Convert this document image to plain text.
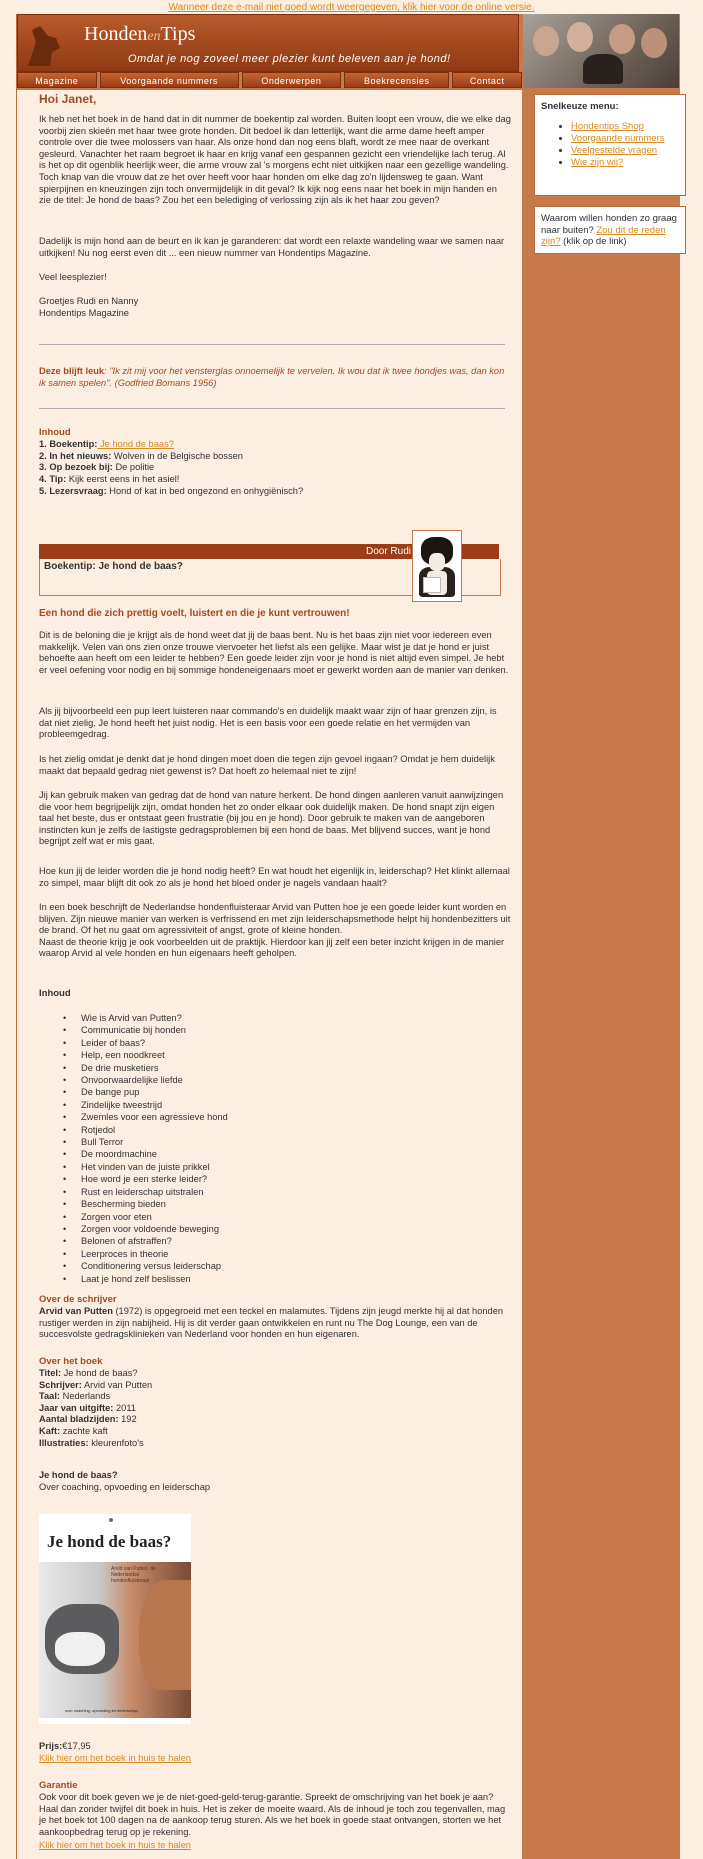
Wanneer deze e-mail niet goed wordt weergegeven, klik hier voor de online versie.
HondenenTips
Omdat je nog zoveel meer plezier kunt beleven aan je hond!
Magazine	Voorgaande nummers	Onderwerpen	Boekrecensies	Contact
Hoi Janet,
Ik heb net het boek in de hand dat in dit nummer de boekentip zal worden. Buiten loopt een vrouw, die we elke dag voorbij zien skieën met haar twee grote honden. Dit bedoel ik dan letterlijk, want die arme dame heeft amper controle over die twee molossers van haar. Als onze hond dan nog eens blaft, wordt ze mee naar de overkant gesleurd. Vanachter het raam begroet ik haar en krijg vanaf een gespannen gezicht een vriendelijke lach terug. Al is het op dit ogenblik heerlijk weer, die arme vrouw zal 's morgens echt niet uitkijken naar een gezellige wandeling. Toch knap van die vrouw dat ze het over heeft voor haar honden om elke dag zo'n lijdensweg te gaan. Want spierpijnen en kneuzingen zijn toch onvermijdelijk in dit geval? Ik kijk nog eens naar het boek in mijn handen en zie de titel: Je hond de baas? Zou het een belediging of verlossing zijn als ik het haar zou geven?
Dadelijk is mijn hond aan de beurt en ik kan je garanderen: dat wordt een relaxte wandeling waar we samen naar uitkijken! Nu nog eerst even dit ... een nieuw nummer van Hondentips Magazine.
Veel leesplezier!
Groetjes Rudi en Nanny
Hondentips Magazine
Deze blijft leuk: "Ik zit mij voor het vensterglas onnoemelijk te vervelen. Ik wou dat ik twee hondjes was, dan kon ik samen spelen". (Godfried Bomans 1956)
Inhoud
1. Boekentip: Je hond de baas?
2. In het nieuws: Wolven in de Belgische bossen
3. Op bezoek bij: De politie
4. Tip: Kijk eerst eens in het asiel!
5. Lezersvraag: Hond of kat in bed ongezond en onhygiënisch?
Door Rudi
Boekentip: Je hond de baas?
Een hond die zich prettig voelt, luistert en die je kunt vertrouwen!
Dit is de beloning die je krijgt als de hond weet dat jij de baas bent. Nu is het baas zijn niet voor iedereen even makkelijk. Velen van ons zien onze trouwe viervoeter het liefst als een gelijke. Maar wist je dat je hond er juist behoefte aan heeft om een leider te hebben? Een goede leider zijn voor je hond is niet altijd even simpel. Je hebt er veel oefening voor nodig en bij sommige hondeneigenaars moet er gewerkt worden aan de manier van denken.
Als jij bijvoorbeeld een pup leert luisteren naar commando's en duidelijk maakt waar zijn of haar grenzen zijn, is dat niet zielig. Je hond heeft het juist nodig. Het is een basis voor een goede relatie en het vermijden van probleemgedrag.
Is het zielig omdat je denkt dat je hond dingen moet doen die tegen zijn gevoel ingaan? Omdat je hem duidelijk maakt dat bepaald gedrag niet gewenst is? Dat hoeft zo helemaal niet te zijn!
Jij kan gebruik maken van gedrag dat de hond van nature herkent. De hond dingen aanleren vanuit aanwijzingen die voor hem begrijpelijk zijn, omdat honden het zo onder elkaar ook duidelijk maken. De hond snapt zijn eigen taal het beste, dus er ontstaat geen frustratie (bij jou en je hond). Door gebruik te maken van de aangeboren instincten kun je zelfs de lastigste gedragsproblemen bij een hond de baas. Met blijvend succes, want je hond begrijpt zelf wat er mis gaat.
Hoe kun jij de leider worden die je hond nodig heeft? En wat houdt het eigenlijk in, leiderschap? Het klinkt allemaal zo simpel, maar blijft dit ook zo als je hond het bloed onder je nagels vandaan haalt?
In een boek beschrijft de Nederlandse hondenfluisteraar Arvid van Putten hoe je een goede leider kunt worden en blijven. Zijn nieuwe manier van werken is verfrissend en met zijn leiderschapsmethode helpt hij hondenbezitters uit de brand. Of het nu gaat om agressiviteit of angst, grote of kleine honden.
Naast de theorie krijg je ook voorbeelden uit de praktijk. Hierdoor kan jij zelf een beter inzicht krijgen in de manier waarop Arvid al vele honden en hun eigenaars heeft geholpen.
Inhoud
• Wie is Arvid van Putten?
• Communicatie bij honden
• Leider of baas?
• Help, een noodkreet
• De drie musketiers
• Onvoorwaardelijke liefde
• De bange pup
• Zindelijke tweestrijd
• Zwemles voor een agressieve hond
• Rotjedol
• Bull Terror
• De moordmachine
• Het vinden van de juiste prikkel
• Hoe word je een sterke leider?
• Rust en leiderschap uitstralen
• Bescherming bieden
• Zorgen voor eten
• Zorgen voor voldoende beweging
• Belonen of afstraffen?
• Leerproces in theorie
• Conditionering versus leiderschap
• Laat je hond zelf beslissen
Over de schrijver
Arvid van Putten (1972) is opgegroeid met een teckel en malamutes. Tijdens zijn jeugd merkte hij al dat honden rustiger werden in zijn nabijheid. Hij is dit verder gaan ontwikkelen en runt nu The Dog Lounge, een van de succesvolste gedragsklinieken van Nederland voor honden en hun eigenaren.
Over het boek
Titel: Je hond de baas?
Schrijver: Arvid van Putten
Taal: Nederlands
Jaar van uitgifte: 2011
Aantal bladzijden: 192
Kaft: zachte kaft
Illustraties: kleurenfoto's
Je hond de baas?
Over coaching, opvoeding en leiderschap
Je hond de baas?
Arvid van Putten, de Nederlandse hondenfluisteraar
over coaching, opvoeding en leiderschap
Prijs:€17,95
Klik hier om het boek in huis te halen
Garantie
Ook voor dit boek geven we je de niet-goed-geld-terug-garantie. Spreekt de omschrijving van het boek je aan? Haal dan zonder twijfel dit boek in huis. Het is zeker de moeite waard. Als de inhoud je toch zou tegenvallen, mag je het boek tot 100 dagen na de aankoop terug sturen. Als we het boek in goede staat ontvangen, storten we het aankoopbedrag terug op je rekening.
Klik hier om het boek in huis te halen
Snelkeuze menu:
• Hondentips Shop
• Voorgaande nummers
• Veelgestelde vragen
• Wie zijn wij?
Waarom willen honden zo graag naar buiten? Zou dit de reden zijn? (klik op de link)
